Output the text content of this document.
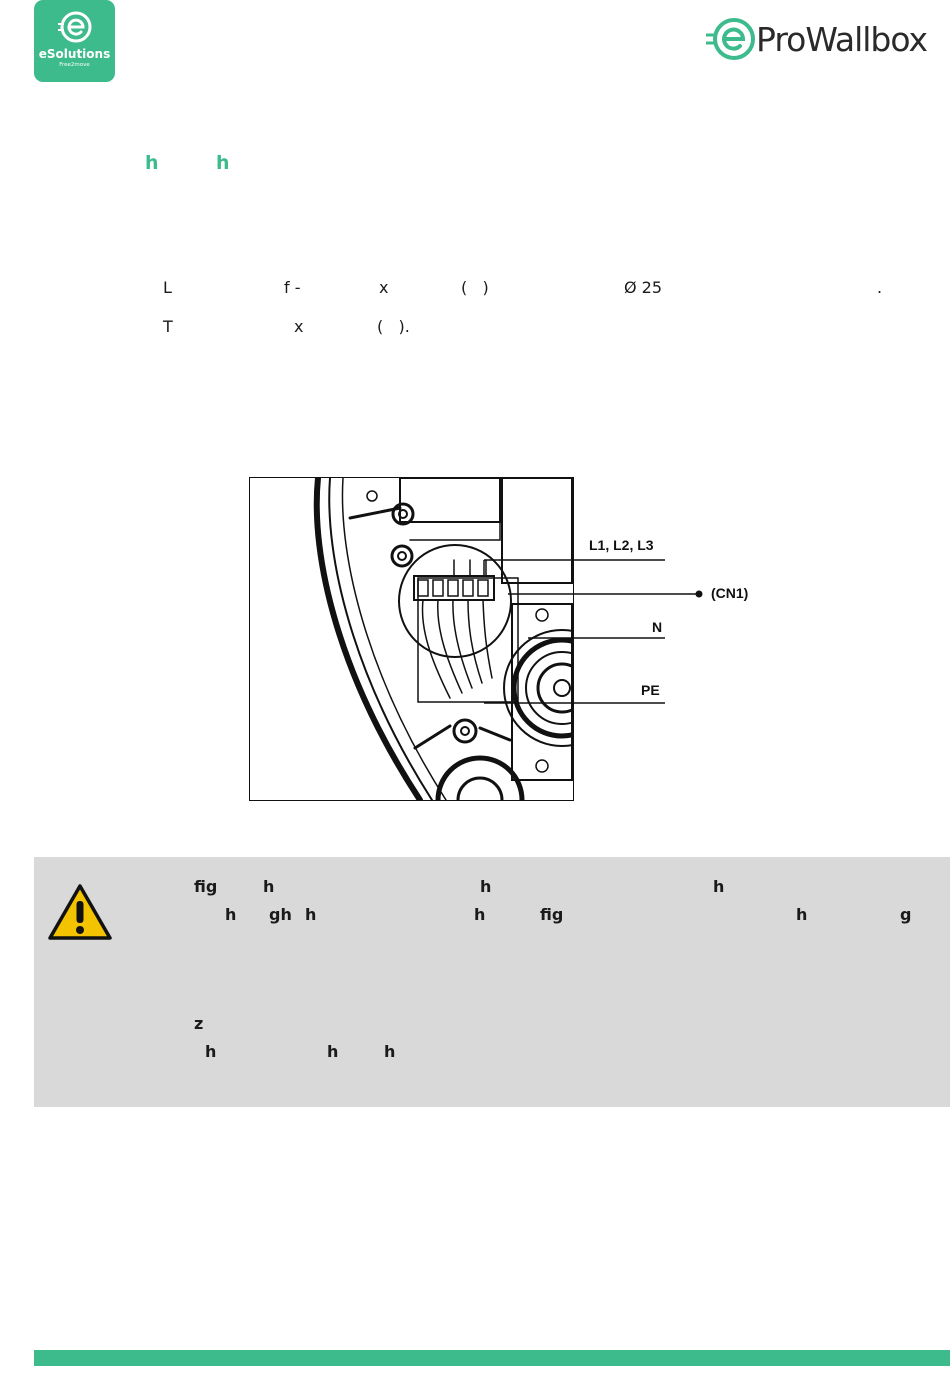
eSolutions
Free2move
ProWallbox
h	h
L	f -	x	(   )	Ø 25	.
T	x	(   ).
L1, L2, L3
(CN1)
N
PE
fig	h	h	h
h gh h	h	fig	h	g
z
h	h	h
